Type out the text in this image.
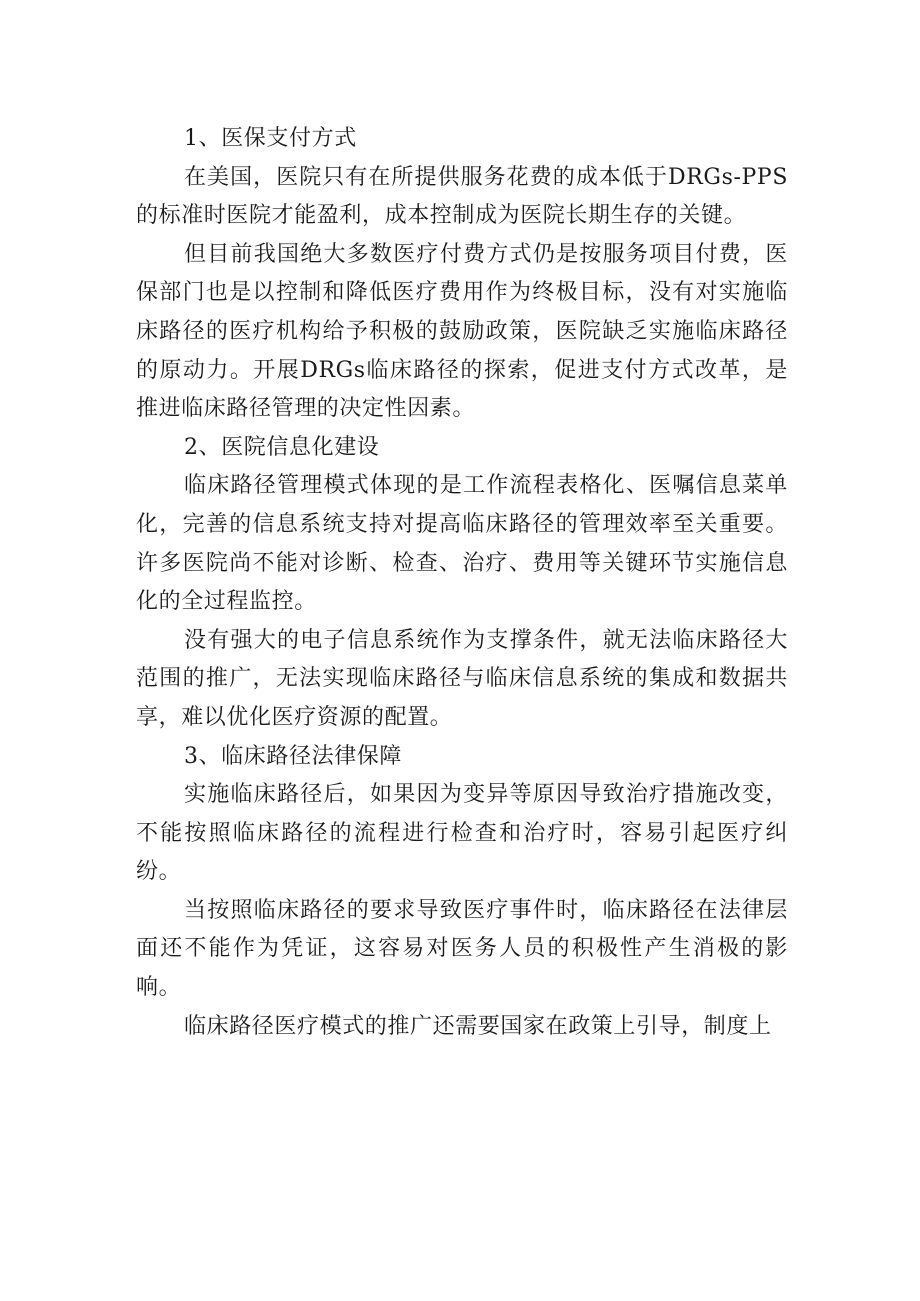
1、医保支付方式

在美国，医院只有在所提供服务花费的成本低于DRGs-PPS的标准时医院才能盈利，成本控制成为医院长期生存的关键。

但目前我国绝大多数医疗付费方式仍是按服务项目付费，医保部门也是以控制和降低医疗费用作为终极目标，没有对实施临床路径的医疗机构给予积极的鼓励政策，医院缺乏实施临床路径的原动力。开展DRGs临床路径的探索，促进支付方式改革，是推进临床路径管理的决定性因素。

2、医院信息化建设

临床路径管理模式体现的是工作流程表格化、医嘱信息菜单化，完善的信息系统支持对提高临床路径的管理效率至关重要。许多医院尚不能对诊断、检查、治疗、费用等关键环节实施信息化的全过程监控。

没有强大的电子信息系统作为支撑条件，就无法临床路径大范围的推广，无法实现临床路径与临床信息系统的集成和数据共享，难以优化医疗资源的配置。

3、临床路径法律保障

实施临床路径后，如果因为变异等原因导致治疗措施改变，不能按照临床路径的流程进行检查和治疗时，容易引起医疗纠纷。

当按照临床路径的要求导致医疗事件时，临床路径在法律层面还不能作为凭证，这容易对医务人员的积极性产生消极的影响。

临床路径医疗模式的推广还需要国家在政策上引导，制度上
